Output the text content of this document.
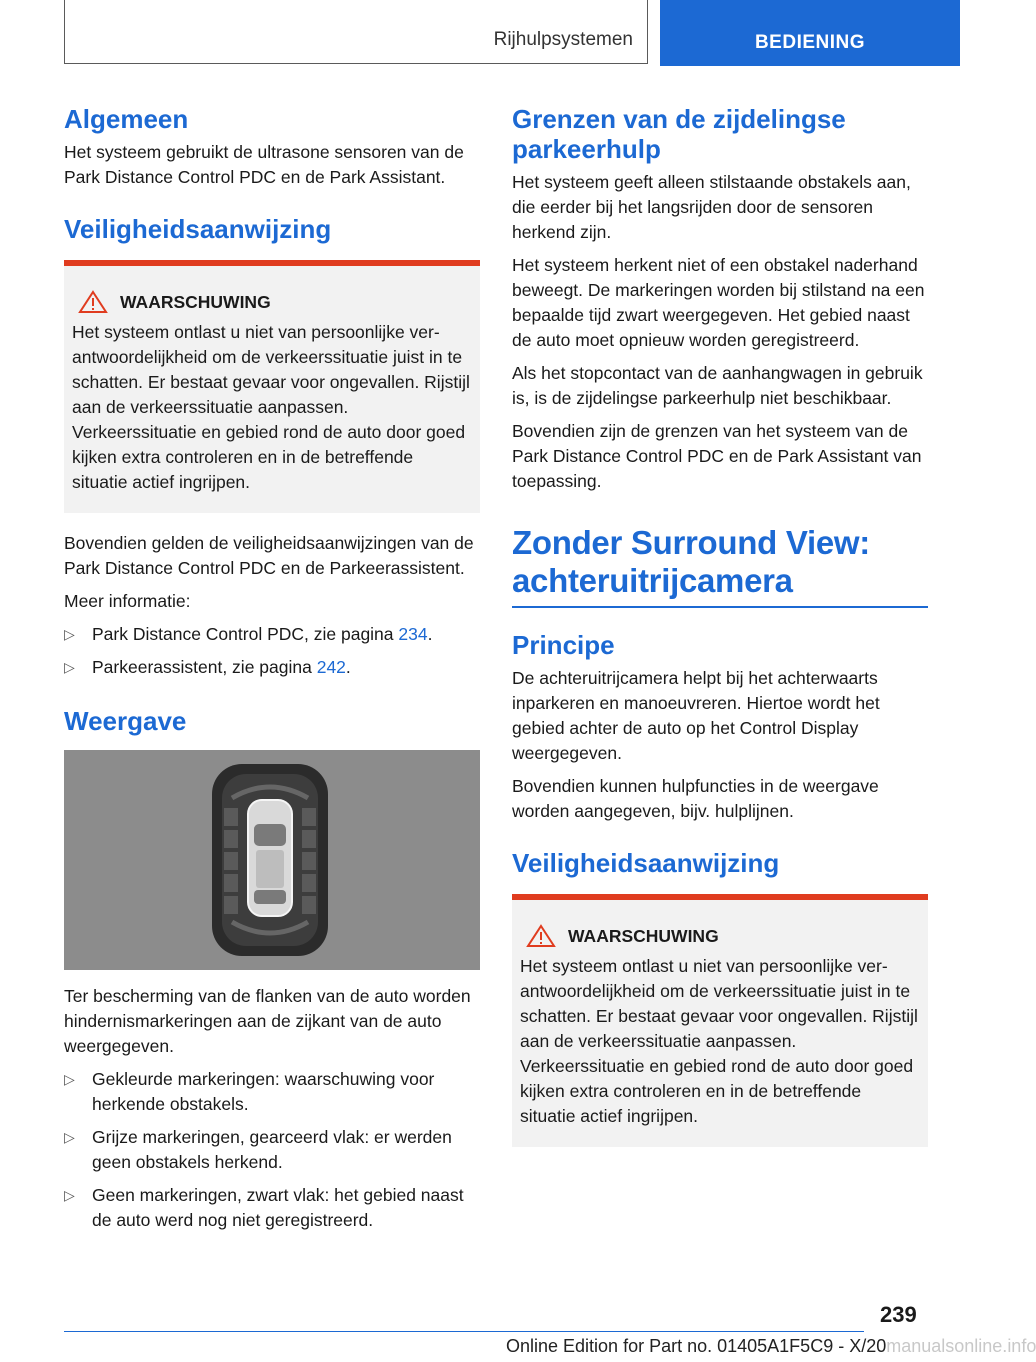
Rijhulpsystemen	BEDIENING
Algemeen

Het systeem gebruikt de ultrasone sensoren van de Park Distance Control PDC en de Park Assistant.

Veiligheidsaanwijzing
WAARSCHUWING

Het systeem ontlast u niet van persoonlijke verantwoordelijkheid om de verkeerssituatie juist in te schatten. Er bestaat gevaar voor ongevallen. Rijstijl aan de verkeerssituatie aanpassen. Verkeerssituatie en gebied rond de auto door goed kijken extra controleren en in de betreffende situatie actief ingrijpen.

Bovendien gelden de veiligheidsaanwijzingen van de Park Distance Control PDC en de Parkeerassistent.

Meer informatie:

▷ Park Distance Control PDC, zie pagina 234.
▷ Parkeerassistent, zie pagina 242.
Weergave

Ter bescherming van de flanken van de auto worden hindernismarkeringen aan de zijkant van de auto weergegeven.

▷ Gekleurde markeringen: waarschuwing voor herkende obstakels.
▷ Grijze markeringen, gearceerd vlak: er werden geen obstakels herkend.
▷ Geen markeringen, zwart vlak: het gebied naast de auto werd nog niet geregistreerd.
Grenzen van de zijdelingse parkeerhulp

Het systeem geeft alleen stilstaande obstakels aan, die eerder bij het langsrijden door de sensoren herkend zijn.

Het systeem herkent niet of een obstakel naderhand beweegt. De markeringen worden bij stilstand na een bepaalde tijd zwart weergegeven. Het gebied naast de auto moet opnieuw worden geregistreerd.

Als het stopcontact van de aanhangwagen in gebruik is, is de zijdelingse parkeerhulp niet beschikbaar.

Bovendien zijn de grenzen van het systeem van de Park Distance Control PDC en de Park Assistant van toepassing.

Zonder Surround View: achteruitrijcamera
Principe

De achteruitrijcamera helpt bij het achterwaarts inparkeren en manoeuvreren. Hiertoe wordt het gebied achter de auto op het Control Display weergegeven.

Bovendien kunnen hulpfuncties in de weergave worden aangegeven, bijv. hulplijnen.

Veiligheidsaanwijzing
WAARSCHUWING

Het systeem ontlast u niet van persoonlijke verantwoordelijkheid om de verkeerssituatie juist in te schatten. Er bestaat gevaar voor ongevallen. Rijstijl aan de verkeerssituatie aanpassen. Verkeerssituatie en gebied rond de auto door goed kijken extra controleren en in de betreffende situatie actief ingrijpen.

239
Online Edition for Part no. 01405A1F5C9 - X/20manualsonline.info
